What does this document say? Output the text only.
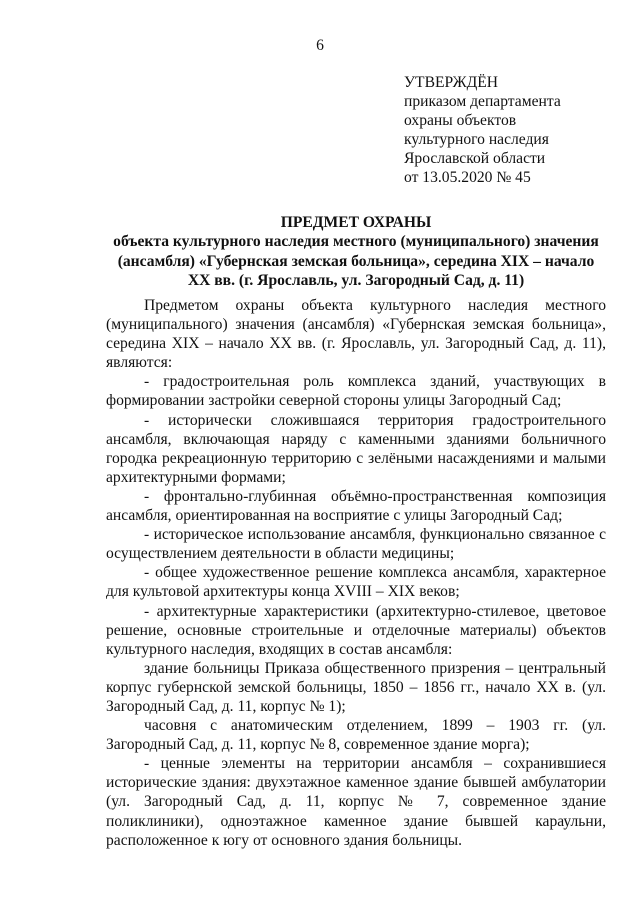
6
УТВЕРЖДЁН
приказом департамента
охраны объектов
культурного наследия
Ярославской области
от 13.05.2020 № 45
ПРЕДМЕТ ОХРАНЫ
объекта культурного наследия местного (муниципального) значения
(ансамбля) «Губернская земская больница», середина XIX – начало
XX вв. (г. Ярославль, ул. Загородный Сад, д. 11)

Предметом охраны объекта культурного наследия местного (муниципального) значения (ансамбля) «Губернская земская больница», середина XIX – начало XX вв. (г. Ярославль, ул. Загородный Сад, д. 11), являются:

- градостроительная роль комплекса зданий, участвующих в формировании застройки северной стороны улицы Загородный Сад;

- исторически сложившаяся территория градостроительного ансамбля, включающая наряду с каменными зданиями больничного городка рекреационную территорию с зелёными насаждениями и малыми архитектурными формами;

- фронтально-глубинная объёмно-пространственная композиция ансамбля, ориентированная на восприятие с улицы Загородный Сад;

- историческое использование ансамбля, функционально связанное с осуществлением деятельности в области медицины;

- общее художественное решение комплекса ансамбля, характерное для культовой архитектуры конца XVIII – XIX веков;

- архитектурные характеристики (архитектурно-стилевое, цветовое решение, основные строительные и отделочные материалы) объектов культурного наследия, входящих в состав ансамбля:

здание больницы Приказа общественного призрения – центральный корпус губернской земской больницы, 1850 – 1856 гг., начало XX в. (ул. Загородный Сад, д. 11, корпус № 1);

часовня с анатомическим отделением, 1899 – 1903 гг. (ул. Загородный Сад, д. 11, корпус № 8, современное здание морга);

- ценные элементы на территории ансамбля – сохранившиеся исторические здания: двухэтажное каменное здание бывшей амбулатории (ул. Загородный Сад, д. 11, корпус № 7, современное здание поликлиники), одноэтажное каменное здание бывшей караульни, расположенное к югу от основного здания больницы.
